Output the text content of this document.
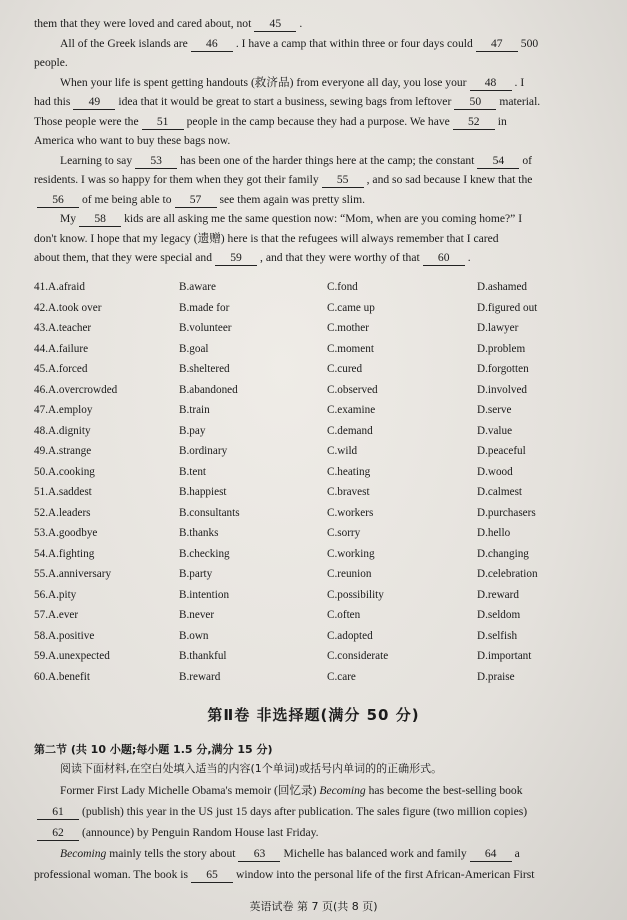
them that they were loved and cared about, not 45 .
All of the Greek islands are 46 . I have a camp that within three or four days could 47 500
people.
When your life is spent getting handouts (救济品) from everyone all day, you lose your 48 . I
had this 49 idea that it would be great to start a business, sewing bags from leftover 50 material.
Those people were the 51 people in the camp because they had a purpose. We have 52 in
America who want to buy these bags now.
Learning to say 53 has been one of the harder things here at the camp; the constant 54 of
residents. I was so happy for them when they got their family 55 , and so sad because I knew that the
56 of me being able to 57 see them again was pretty slim.
My 58 kids are all asking me the same question now: “Mom, when are you coming home?” I
don't know. I hope that my legacy (遗赠) here is that the refugees will always remember that I cared
about them, that they were special and 59 , and that they were worthy of that 60 .
41.A.afraid	B.aware	C.fond	D.ashamed
42.A.took over	B.made for	C.came up	D.figured out
43.A.teacher	B.volunteer	C.mother	D.lawyer
44.A.failure	B.goal	C.moment	D.problem
45.A.forced	B.sheltered	C.cured	D.forgotten
46.A.overcrowded	B.abandoned	C.observed	D.involved
47.A.employ	B.train	C.examine	D.serve
48.A.dignity	B.pay	C.demand	D.value
49.A.strange	B.ordinary	C.wild	D.peaceful
50.A.cooking	B.tent	C.heating	D.wood
51.A.saddest	B.happiest	C.bravest	D.calmest
52.A.leaders	B.consultants	C.workers	D.purchasers
53.A.goodbye	B.thanks	C.sorry	D.hello
54.A.fighting	B.checking	C.working	D.changing
55.A.anniversary	B.party	C.reunion	D.celebration
56.A.pity	B.intention	C.possibility	D.reward
57.A.ever	B.never	C.often	D.seldom
58.A.positive	B.own	C.adopted	D.selfish
59.A.unexpected	B.thankful	C.considerate	D.important
60.A.benefit	B.reward	C.care	D.praise
第Ⅱ卷 非选择题(满分 50 分)
第二节 (共 10 小题;每小题 1.5 分,满分 15 分)
阅读下面材料,在空白处填入适当的内容(1个单词)或括号内单词的的正确形式。
Former First Lady Michelle Obama's memoir (回忆录) Becoming has become the best-selling book
61 (publish) this year in the US just 15 days after publication. The sales figure (two million copies)
62 (announce) by Penguin Random House last Friday.
Becoming mainly tells the story about 63 Michelle has balanced work and family 64 a
professional woman. The book is 65 window into the personal life of the first African-American First
英语试卷 第 7 页(共 8 页)
